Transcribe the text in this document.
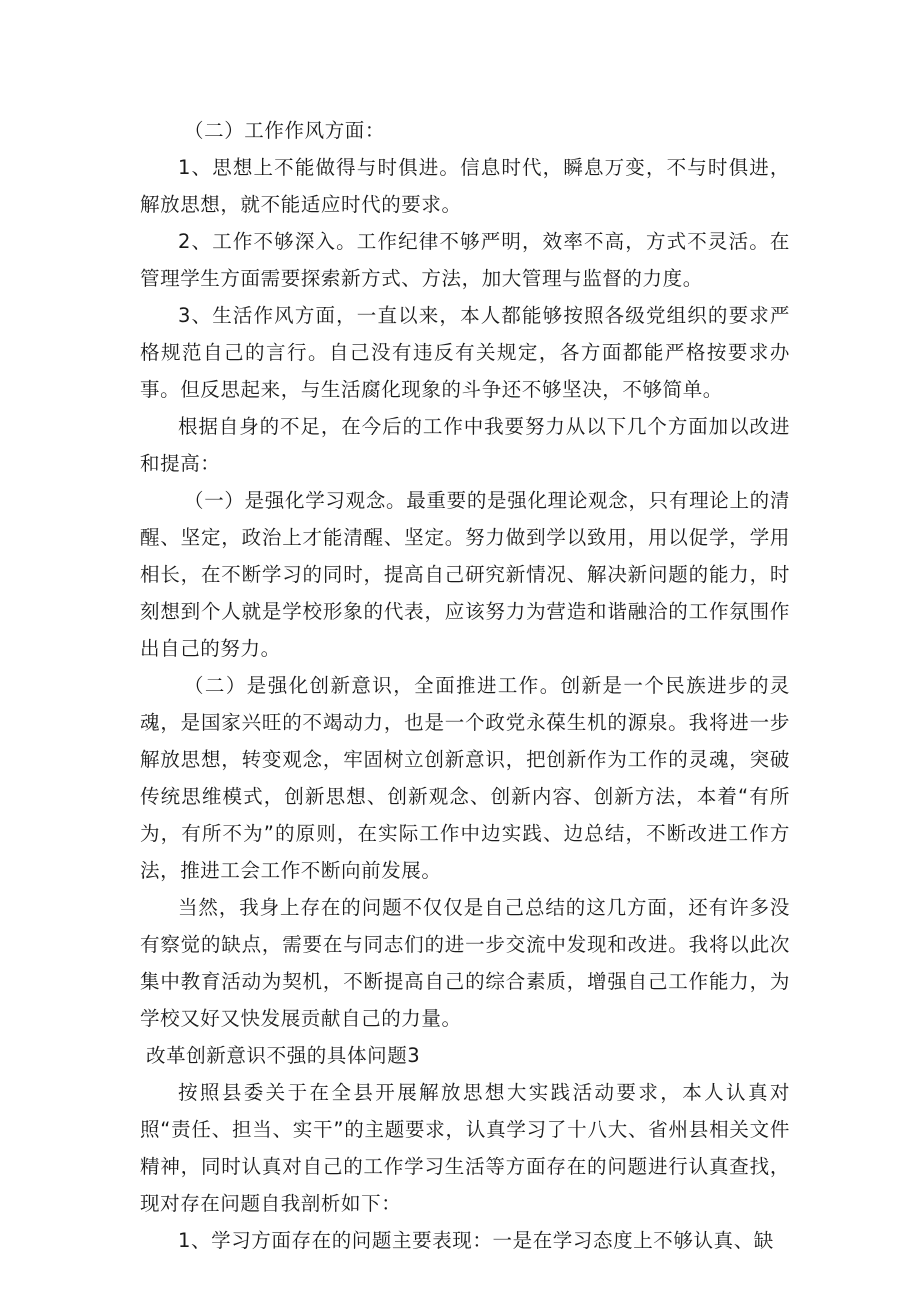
（二）工作作风方面：

1、思想上不能做得与时俱进。信息时代，瞬息万变，不与时俱进，解放思想，就不能适应时代的要求。

2、工作不够深入。工作纪律不够严明，效率不高，方式不灵活。在管理学生方面需要探索新方式、方法，加大管理与监督的力度。

3、生活作风方面，一直以来，本人都能够按照各级党组织的要求严格规范自己的言行。自己没有违反有关规定，各方面都能严格按要求办事。但反思起来，与生活腐化现象的斗争还不够坚决，不够简单。

根据自身的不足，在今后的工作中我要努力从以下几个方面加以改进和提高：

（一）是强化学习观念。最重要的是强化理论观念，只有理论上的清醒、坚定，政治上才能清醒、坚定。努力做到学以致用，用以促学，学用相长，在不断学习的同时，提高自己研究新情况、解决新问题的能力，时刻想到个人就是学校形象的代表，应该努力为营造和谐融洽的工作氛围作出自己的努力。

（二）是强化创新意识，全面推进工作。创新是一个民族进步的灵魂，是国家兴旺的不竭动力，也是一个政党永葆生机的源泉。我将进一步解放思想，转变观念，牢固树立创新意识，把创新作为工作的灵魂，突破传统思维模式，创新思想、创新观念、创新内容、创新方法，本着“有所为，有所不为”的原则，在实际工作中边实践、边总结，不断改进工作方法，推进工会工作不断向前发展。

当然，我身上存在的问题不仅仅是自己总结的这几方面，还有许多没有察觉的缺点，需要在与同志们的进一步交流中发现和改进。我将以此次集中教育活动为契机，不断提高自己的综合素质，增强自己工作能力，为学校又好又快发展贡献自己的力量。

改革创新意识不强的具体问题3

按照县委关于在全县开展解放思想大实践活动要求，本人认真对照“责任、担当、实干”的主题要求，认真学习了十八大、省州县相关文件精神，同时认真对自己的工作学习生活等方面存在的问题进行认真查找，现对存在问题自我剖析如下：

1、学习方面存在的问题主要表现：一是在学习态度上不够认真、缺
